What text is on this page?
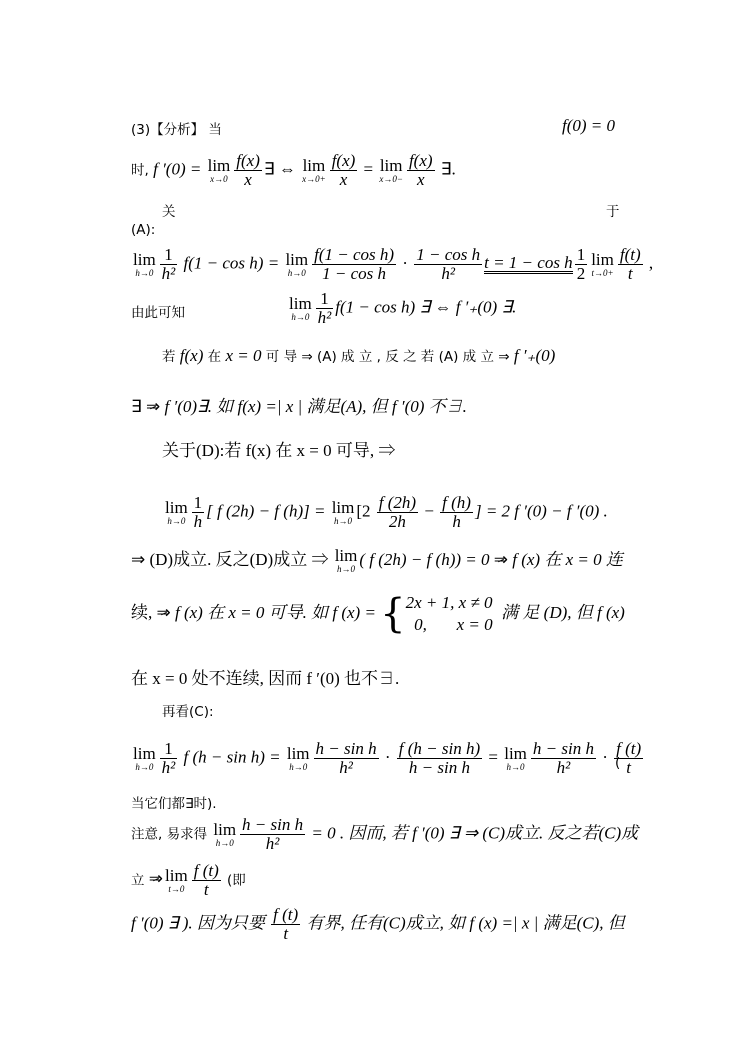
(3)【分析】 当	f(0) = 0
时, f ′(0) = lim
$x\to 0 \frac{f(x)}{x}$ ∃ ⇔ lim
$x\to 0+ \frac{f(x)}{x} = \lim$
$x\to 0- \frac{f(x)}{x}$ ∃.
关	于
(A):
lim
$h\to 0 \frac{1}{\text{h²}} f(1 - \cos h) = \lim$
$h\to 0 \frac{\text{f(1 − cos h)}}{\text{1 − cos h}} \cdot \frac{\text{1 − cos h}}{\text{h²}}$ t = 1 − cos h $\frac{1}{2}$ lim
$t\to 0+ \frac{f(t)}{t}$ ,
由此可知
lim
$h\to 0 \frac{1}{\text{h²}} f(1 - \cos h)$ ∃ ⇔ f ′₊(0) ∃.
若 f(x) 在 x = 0 可 导 ⇒ (A) 成 立 , 反 之 若 (A) 成 立 ⇒ f ′₊(0)
∃ ⇒ f ′(0)∃. 如 f(x) =| x | 满足(A), 但 f ′(0) 不∃.
关于(D):若 f(x) 在 x = 0 可导, ⇒
lim
$h\to 0 \frac{1}{h}$ [ f (2h) − f (h)] = lim
h→0
[$2 \frac{f (2h)}{2h} - \frac{f (h)}{h}$ ] = 2 f ′(0) − f ′(0) .
⇒ (D)成立. 反之(D)成立 ⇒ lim
h→0
( f (2h) − f (h)) = 0 ⇒ f (x) 在 x = 0 连
续, ⇒ f (x) 在 x = 0 可导. 如 f (x) = { 2x + 1, x ≠ 0
0,       x = 0
满 足 (D), 但 f (x)
在 x = 0 处不连续, 因而 f ′(0) 也不∃.
再看(C):
lim
$h\to 0 \frac{1}{\text{h²}}$ f (h − sin h) = lim
$h\to 0 \frac{\text{h − sin h}}{\text{h²}} \cdot \frac{\text{f (h − sin h)}}{\text{h − sin h}} = \lim$
$h\to 0 \frac{\text{h − sin h}}{\text{h²}} \cdot \frac{f (t)}{t}$
(
当它们都∃时).
注意, 易求得 lim
$h\to 0 \frac{\text{h − sin h}}{\text{h²}} = 0$ . 因而, 若 f ′(0) ∃ ⇒ (C)成立. 反之若(C)成
立 ⇒ lim
$t\to 0 \frac{f (t)}{t}$ (即
f ′(0) ∃ ). 因为只要 $\frac{f (t)}{t}$ 有界, 任有(C)成立, 如 f (x) =| x | 满足(C), 但
